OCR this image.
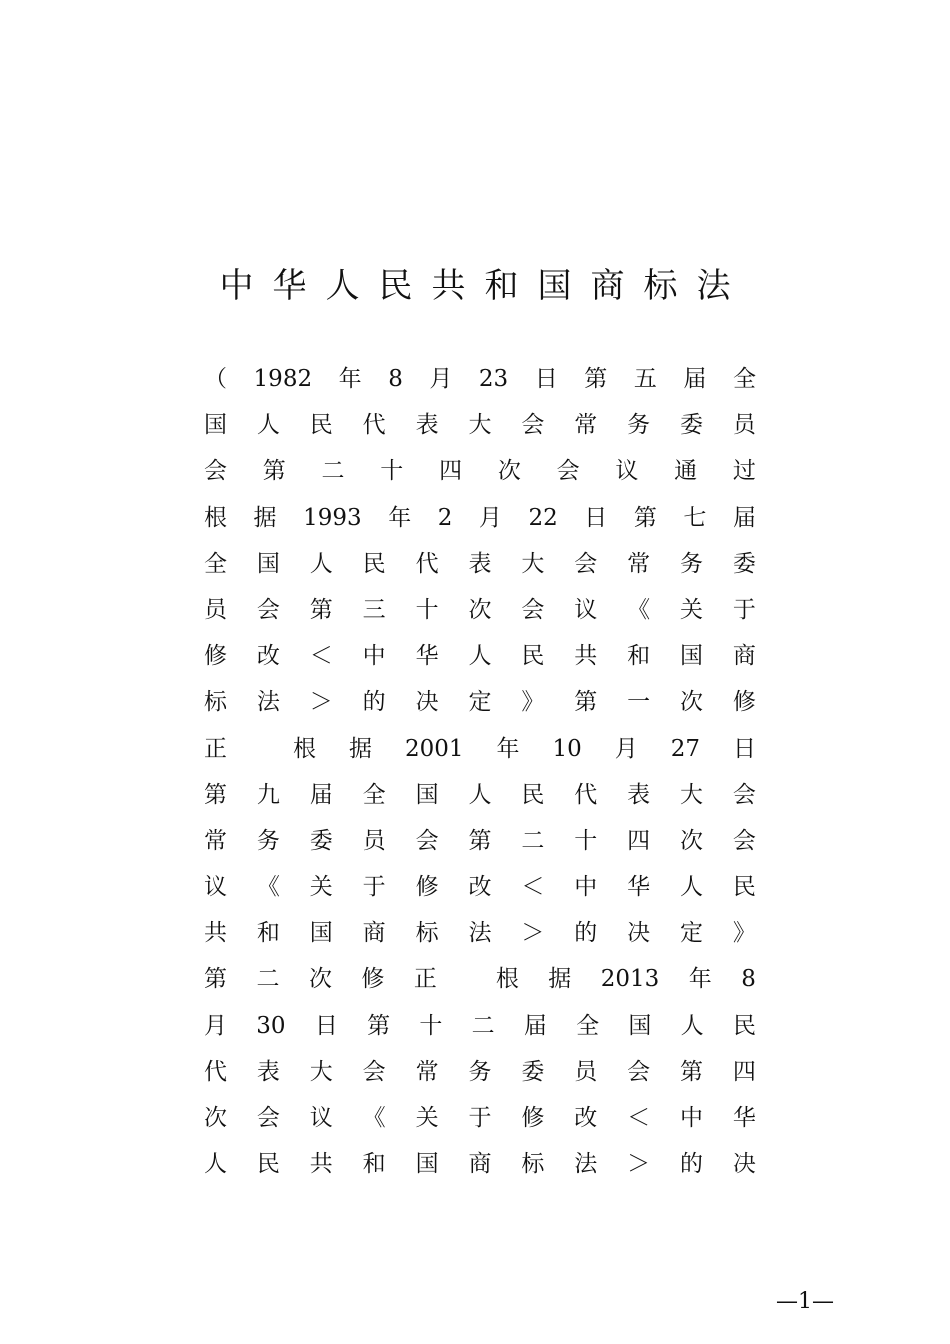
中华人民共和国商标法
（ 1982 年 8 月 23 日 第 五 届 全
国 人 民 代 表 大 会 常 务 委 员
会 第 二 十 四 次 会 议 通 过
根 据 1993 年 2 月 22 日 第 七 届
全 国 人 民 代 表 大 会 常 务 委
员 会 第 三 十 次 会 议 《 关 于
修 改 ＜ 中 华 人 民 共 和 国 商
标 法 ＞ 的 决 定 》 第 一 次 修
正	根 据 2001 年 10 月 27 日
第 九 届 全 国 人 民 代 表 大 会
常 务 委 员 会 第 二 十 四 次 会
议 《 关 于 修 改 ＜ 中 华 人 民
共 和 国 商 标 法 ＞ 的 决 定 》
第 二 次 修 正	根 据 2013 年 8
月 30 日 第 十 二 届 全 国 人 民
代 表 大 会 常 务 委 员 会 第 四
次 会 议 《 关 于 修 改 ＜ 中 华
人 民 共 和 国 商 标 法 ＞ 的 决
—1—
